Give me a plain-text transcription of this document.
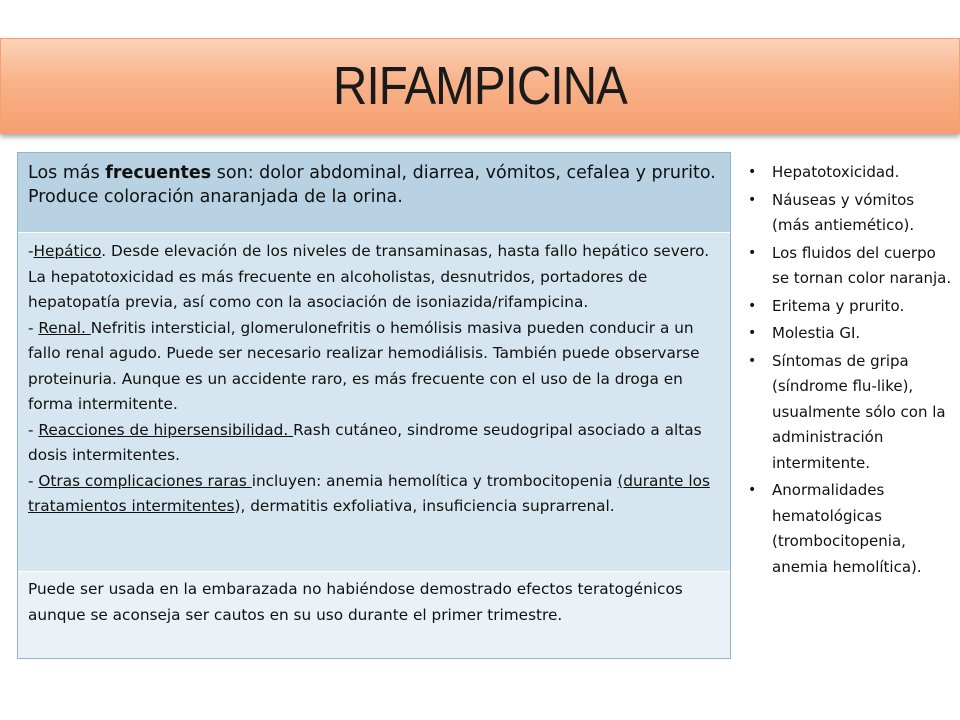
RIFAMPICINA
Los más frecuentes son: dolor abdominal, diarrea, vómitos, cefalea y prurito. Produce coloración anaranjada de la orina.
-Hepático. Desde elevación de los niveles de transaminasas, hasta fallo hepático severo. La hepatotoxicidad es más frecuente en alcoholistas, desnutridos, portadores de hepatopatía previa, así como con la asociación de isoniazida/rifampicina.
- Renal. Nefritis intersticial, glomerulonefritis o hemólisis masiva pueden conducir a un fallo renal agudo. Puede ser necesario realizar hemodiálisis. También puede observarse proteinuria. Aunque es un accidente raro, es más frecuente con el uso de la droga en forma intermitente.
- Reacciones de hipersensibilidad. Rash cutáneo, sindrome seudogripal asociado a altas dosis intermitentes.
- Otras complicaciones raras incluyen: anemia hemolítica y trombocitopenia (durante los tratamientos intermitentes), dermatitis exfoliativa, insuficiencia suprarrenal.
Puede ser usada en la embarazada no habiéndose demostrado efectos teratogénicos aunque se aconseja ser cautos en su uso durante el primer trimestre.
• Hepatotoxicidad.
• Náuseas y vómitos (más antiemético).
• Los fluidos del cuerpo se tornan color naranja.
• Eritema y prurito.
• Molestia GI.
• Síntomas de gripa (síndrome flu-like), usualmente sólo con la administración intermitente.
• Anormalidades hematológicas (trombocitopenia, anemia hemolítica).
